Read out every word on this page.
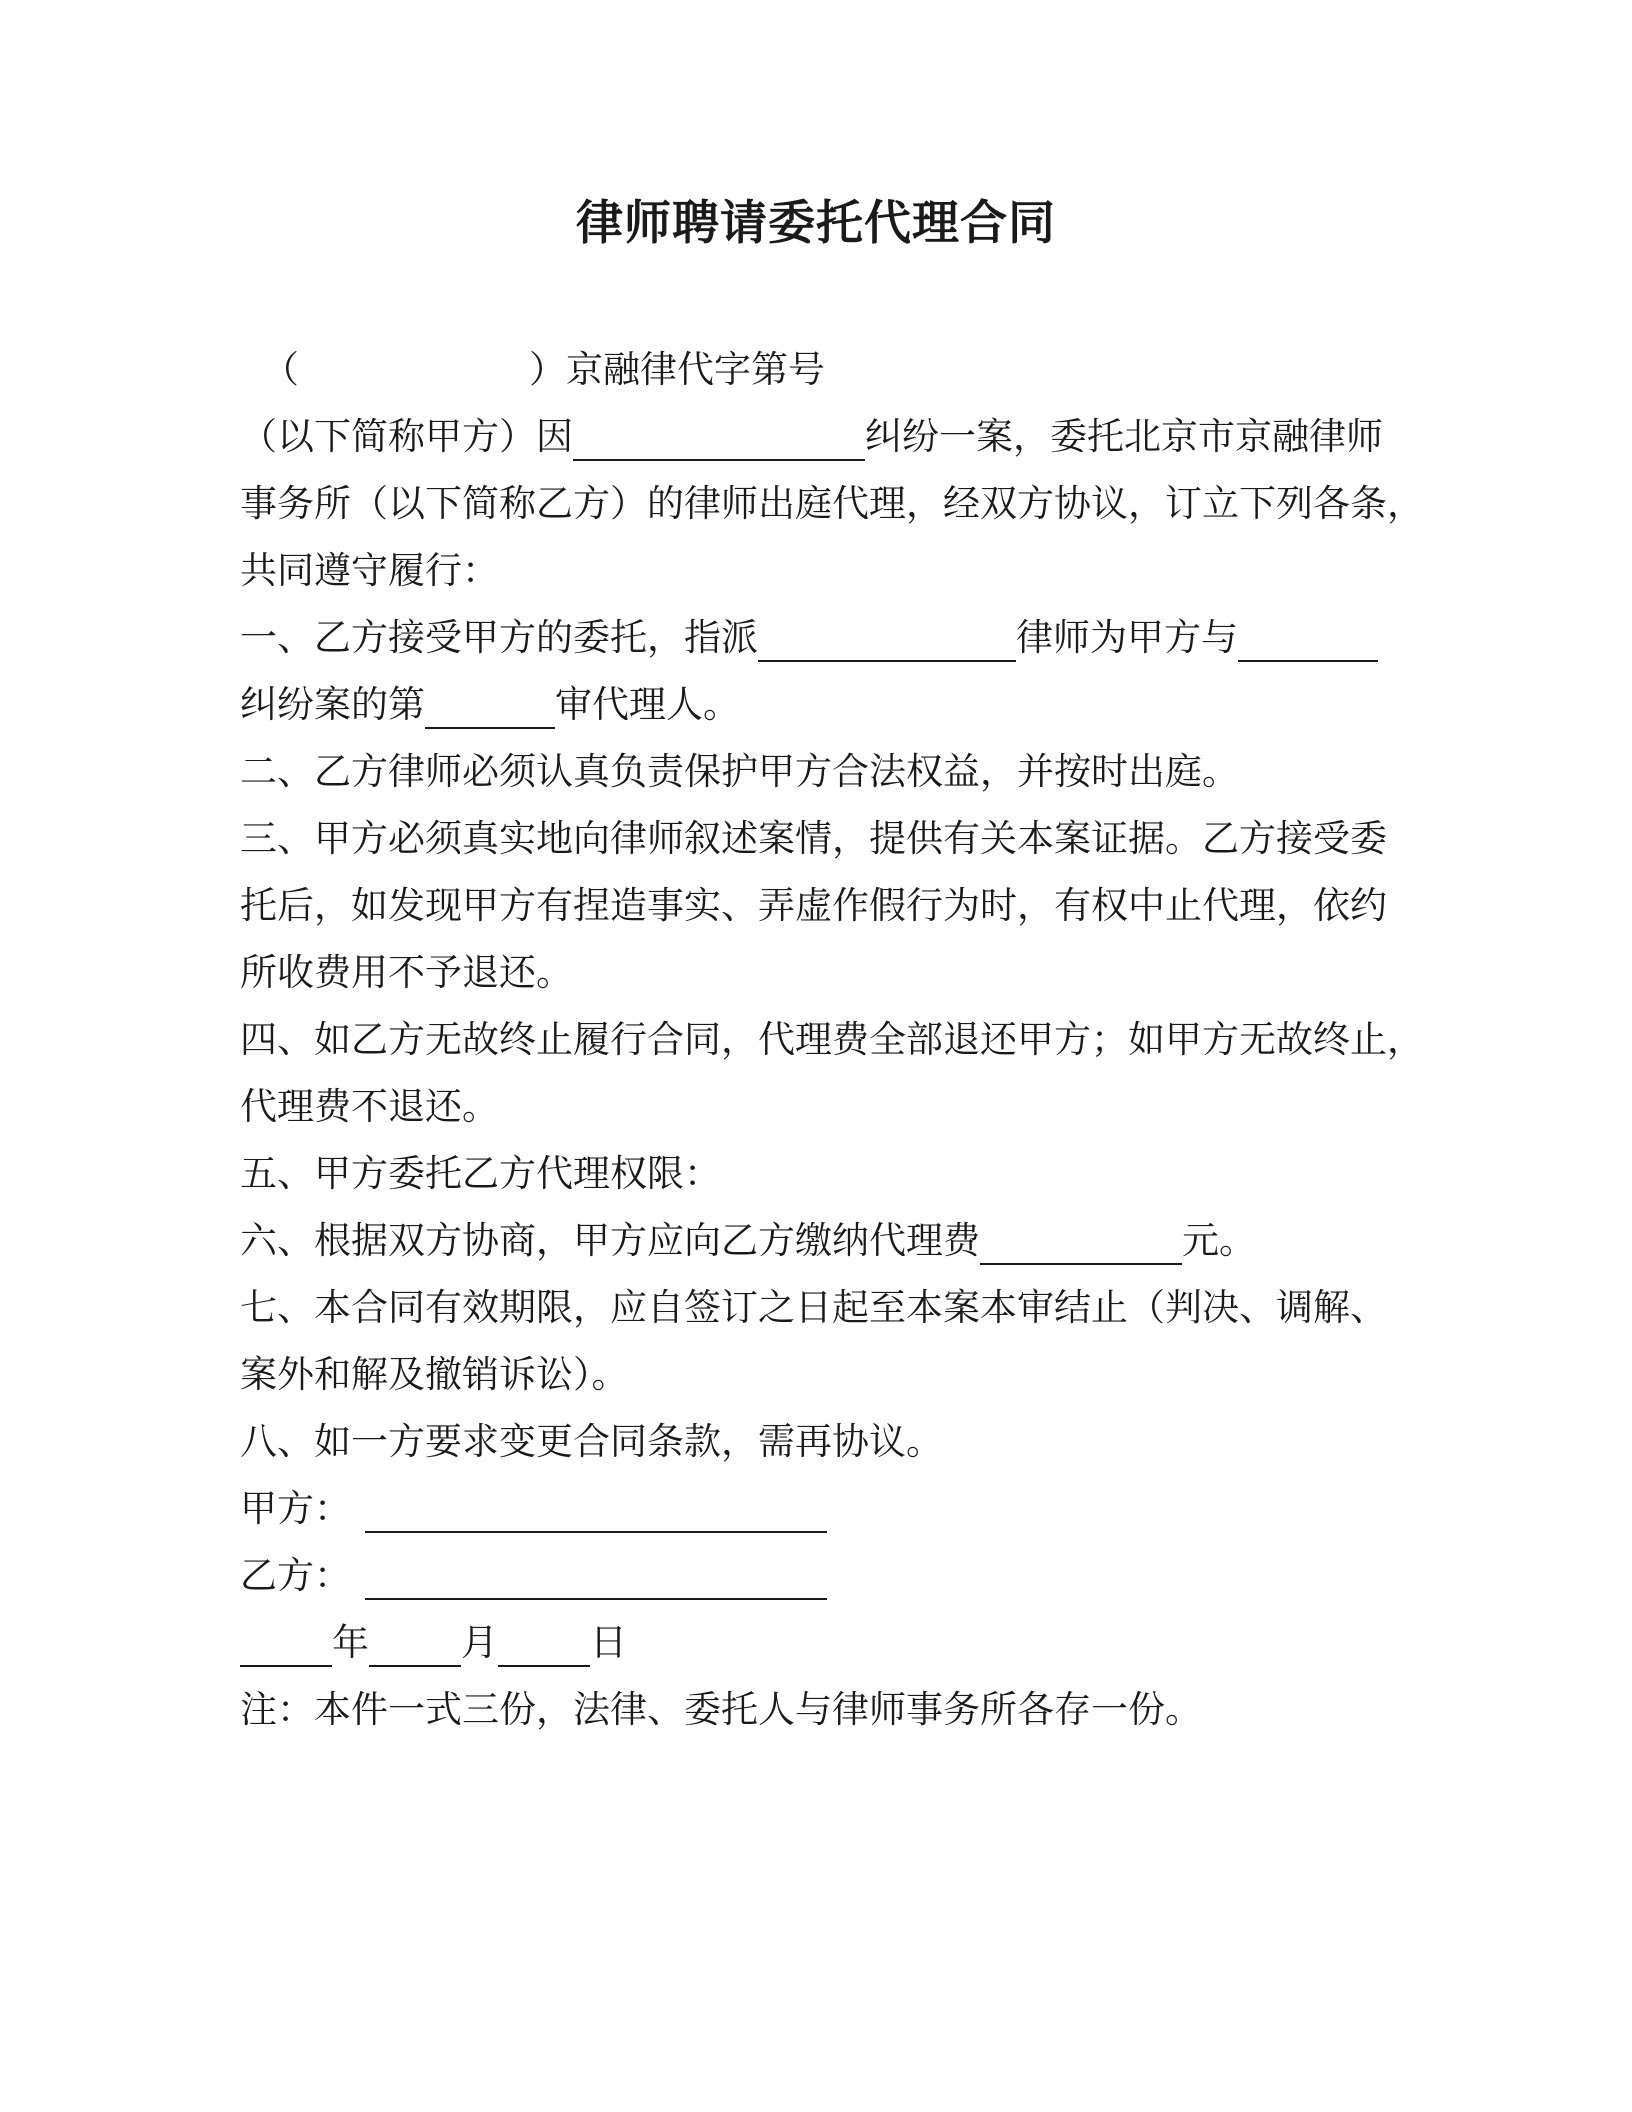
律师聘请委托代理合同
（	）京融律代字第号
（以下简称甲方）因	纠纷一案，委托北京市京融律师
事务所（以下简称乙方）的律师出庭代理，经双方协议，订立下列各条，
共同遵守履行：
一、乙方接受甲方的委托，指派	律师为甲方与
纠纷案的第	审代理人。
二、乙方律师必须认真负责保护甲方合法权益，并按时出庭。
三、甲方必须真实地向律师叙述案情，提供有关本案证据。乙方接受委
托后，如发现甲方有捏造事实、弄虚作假行为时，有权中止代理，依约
所收费用不予退还。
四、如乙方无故终止履行合同，代理费全部退还甲方；如甲方无故终止，
代理费不退还。
五、甲方委托乙方代理权限：
六、根据双方协商，甲方应向乙方缴纳代理费	元。
七、本合同有效期限，应自签订之日起至本案本审结止（判决、调解、
案外和解及撤销诉讼）。
八、如一方要求变更合同条款，需再协议。
甲方：
乙方：
年 月 日
注：本件一式三份，法律、委托人与律师事务所各存一份。
